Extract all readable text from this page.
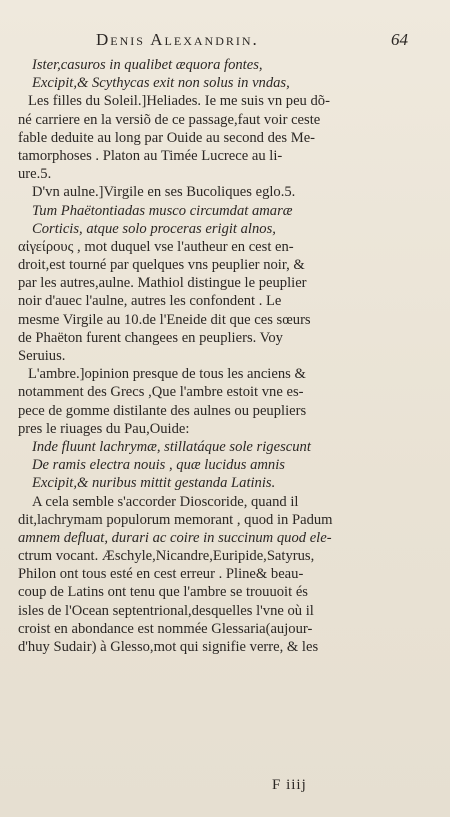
Denis Alexandrin.	64
Ister,casuros in qualibet æquora fontes,
Excipit,& Scythycas exit non solus in vndas,
Les filles du Soleil.]Heliades. Ie me suis vn peu dõ-
né carriere en la versiõ de ce passage,faut voir ceste
fable deduite au long par Ouide au second des Me-
tamorphoses . Platon au Timée Lucrece au li-
ure.5.
D'vn aulne.]Virgile en ses Bucoliques eglo.5.
Tum Phaëtontiadas musco circumdat amaræ
Corticis, atque solo proceras erigit alnos,
αἰγείρους , mot duquel vse l'autheur en cest en-
droit,est tourné par quelques vns peuplier noir, &
par les autres,aulne. Mathiol distingue le peuplier
noir d'auec l'aulne, autres les confondent . Le
mesme Virgile au 10.de l'Eneide dit que ces sœurs
de Phaëton furent changees en peupliers. Voy
Seruius.
L'ambre.]opinion presque de tous les anciens &
notamment des Grecs ,Que l'ambre estoit vne es-
pece de gomme distilante des aulnes ou peupliers
pres le riuages du Pau,Ouide:
Inde fluunt lachrymæ, stillatáque sole rigescunt
De ramis electra nouis , quæ lucidus amnis
Excipit,& nuribus mittit gestanda Latinis.
A cela semble s'accorder Dioscoride, quand il
dit,lachrymam populorum memorant , quod in Padum
amnem defluat, durari ac coire in succinum quod ele-
ctrum vocant. Æschyle,Nicandre,Euripide,Satyrus,
Philon ont tous esté en cest erreur . Pline& beau-
coup de Latins ont tenu que l'ambre se trouuoit és
isles de l'Ocean septentrional,desquelles l'vne où il
croist en abondance est nommée Glessaria(aujour-
d'huy Sudair) à Glesso,mot qui signifie verre, & les
F iiij
